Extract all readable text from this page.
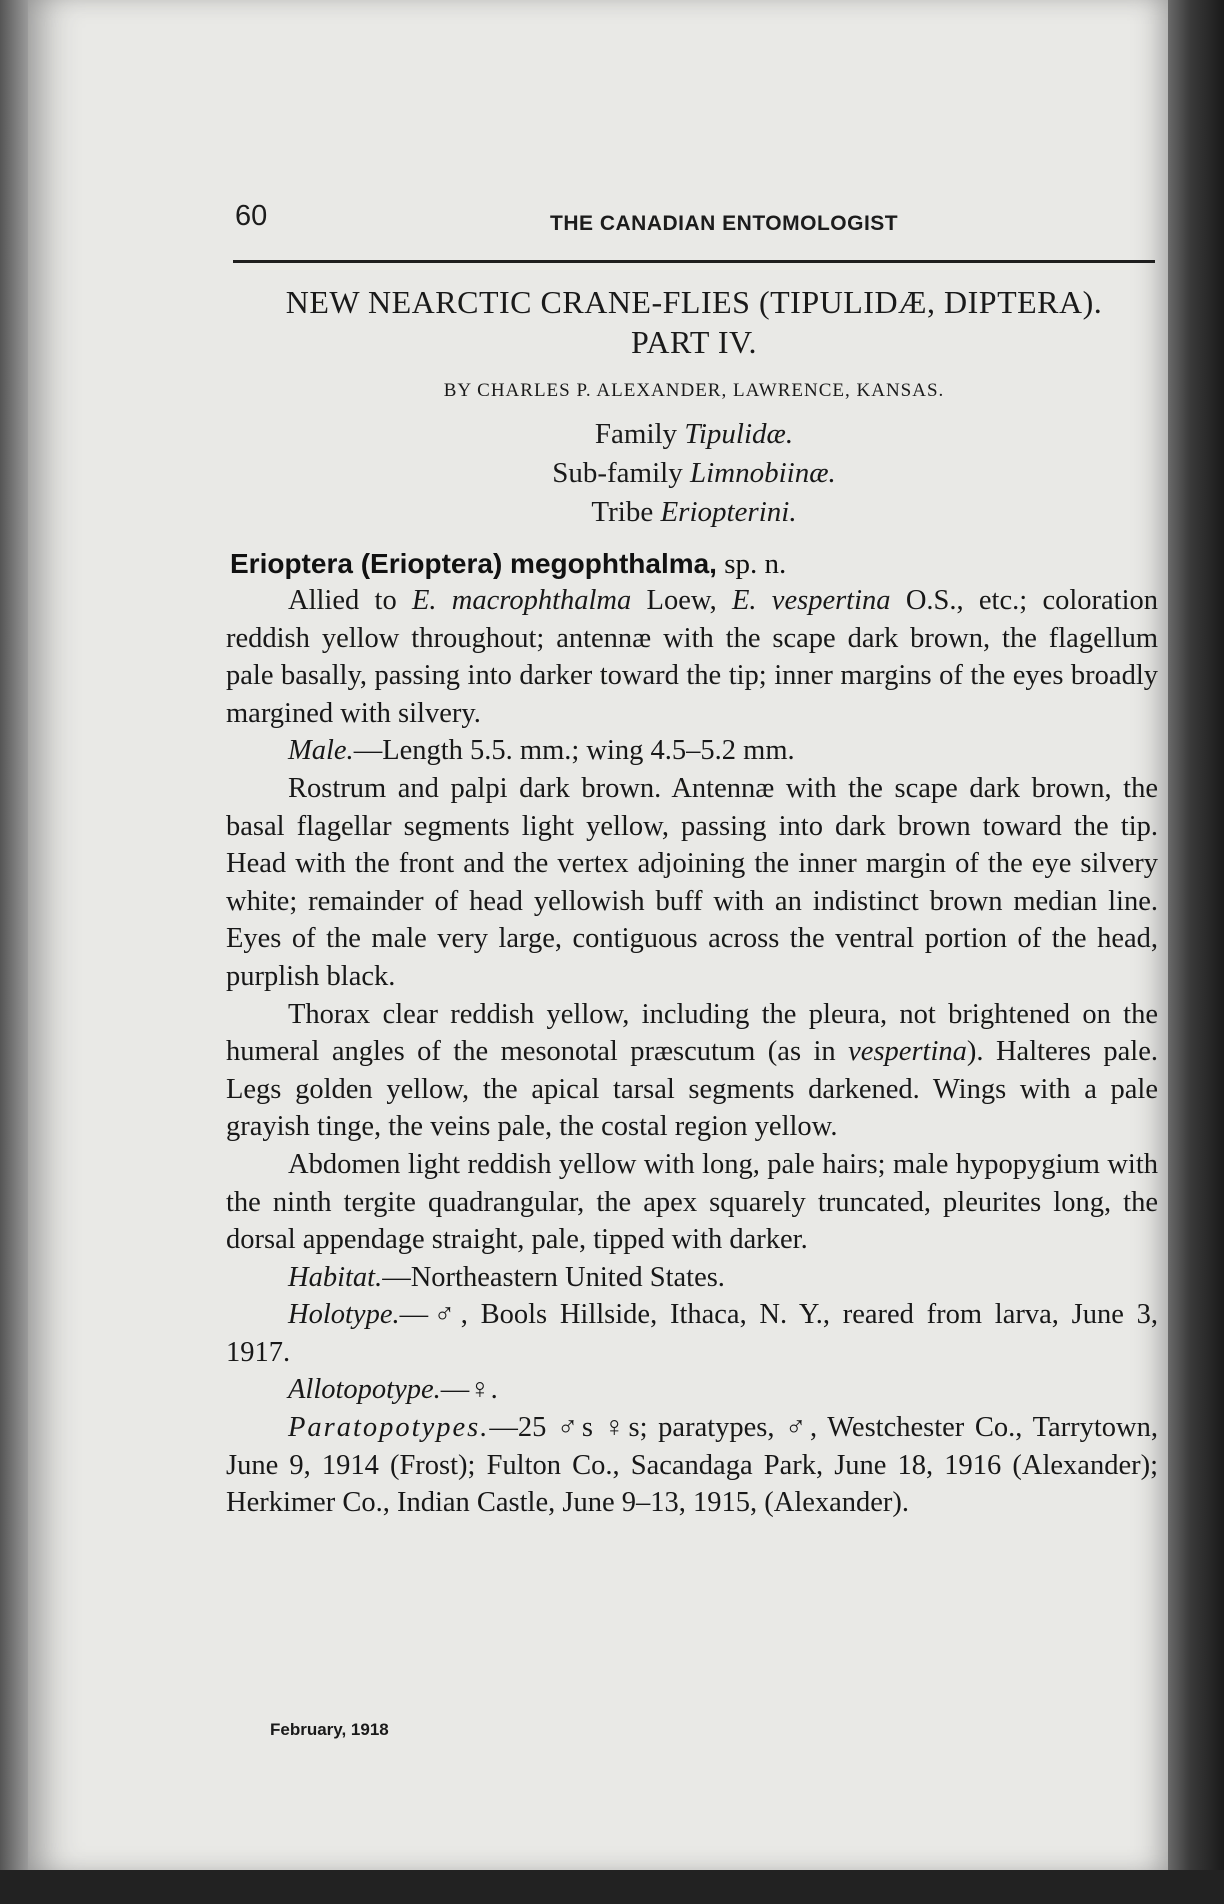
60	THE CANADIAN ENTOMOLOGIST
NEW NEARCTIC CRANE-FLIES (TIPULIDÆ, DIPTERA).
PART IV.
BY CHARLES P. ALEXANDER, LAWRENCE, KANSAS.
Family Tipulidæ.
Sub-family Limnobiinæ.
Tribe Eriopterini.
Erioptera (Erioptera) megophthalma, sp. n.

Allied to E. macrophthalma Loew, E. vespertina O.S., etc.; coloration reddish yellow throughout; antennæ with the scape dark brown, the flagellum pale basally, passing into darker toward the tip; inner margins of the eyes broadly margined with silvery.

Male.—Length 5.5. mm.; wing 4.5–5.2 mm.

Rostrum and palpi dark brown. Antennæ with the scape dark brown, the basal flagellar segments light yellow, passing into dark brown toward the tip. Head with the front and the vertex adjoining the inner margin of the eye silvery white; remainder of head yellowish buff with an indistinct brown median line. Eyes of the male very large, contiguous across the ventral portion of the head, purplish black.

Thorax clear reddish yellow, including the pleura, not brightened on the humeral angles of the mesonotal præscutum (as in vespertina). Halteres pale. Legs golden yellow, the apical tarsal segments darkened. Wings with a pale grayish tinge, the veins pale, the costal region yellow.

Abdomen light reddish yellow with long, pale hairs; male hypopygium with the ninth tergite quadrangular, the apex squarely truncated, pleurites long, the dorsal appendage straight, pale, tipped with darker.

Habitat.—Northeastern United States.

Holotype.—♂, Bools Hillside, Ithaca, N. Y., reared from larva, June 3, 1917.

Allotopotype.—♀.

Paratopotypes.—25 ♂s ♀s; paratypes, ♂, Westchester Co., Tarrytown, June 9, 1914 (Frost); Fulton Co., Sacandaga Park, June 18, 1916 (Alexander); Herkimer Co., Indian Castle, June 9–13, 1915, (Alexander).

February, 1918
